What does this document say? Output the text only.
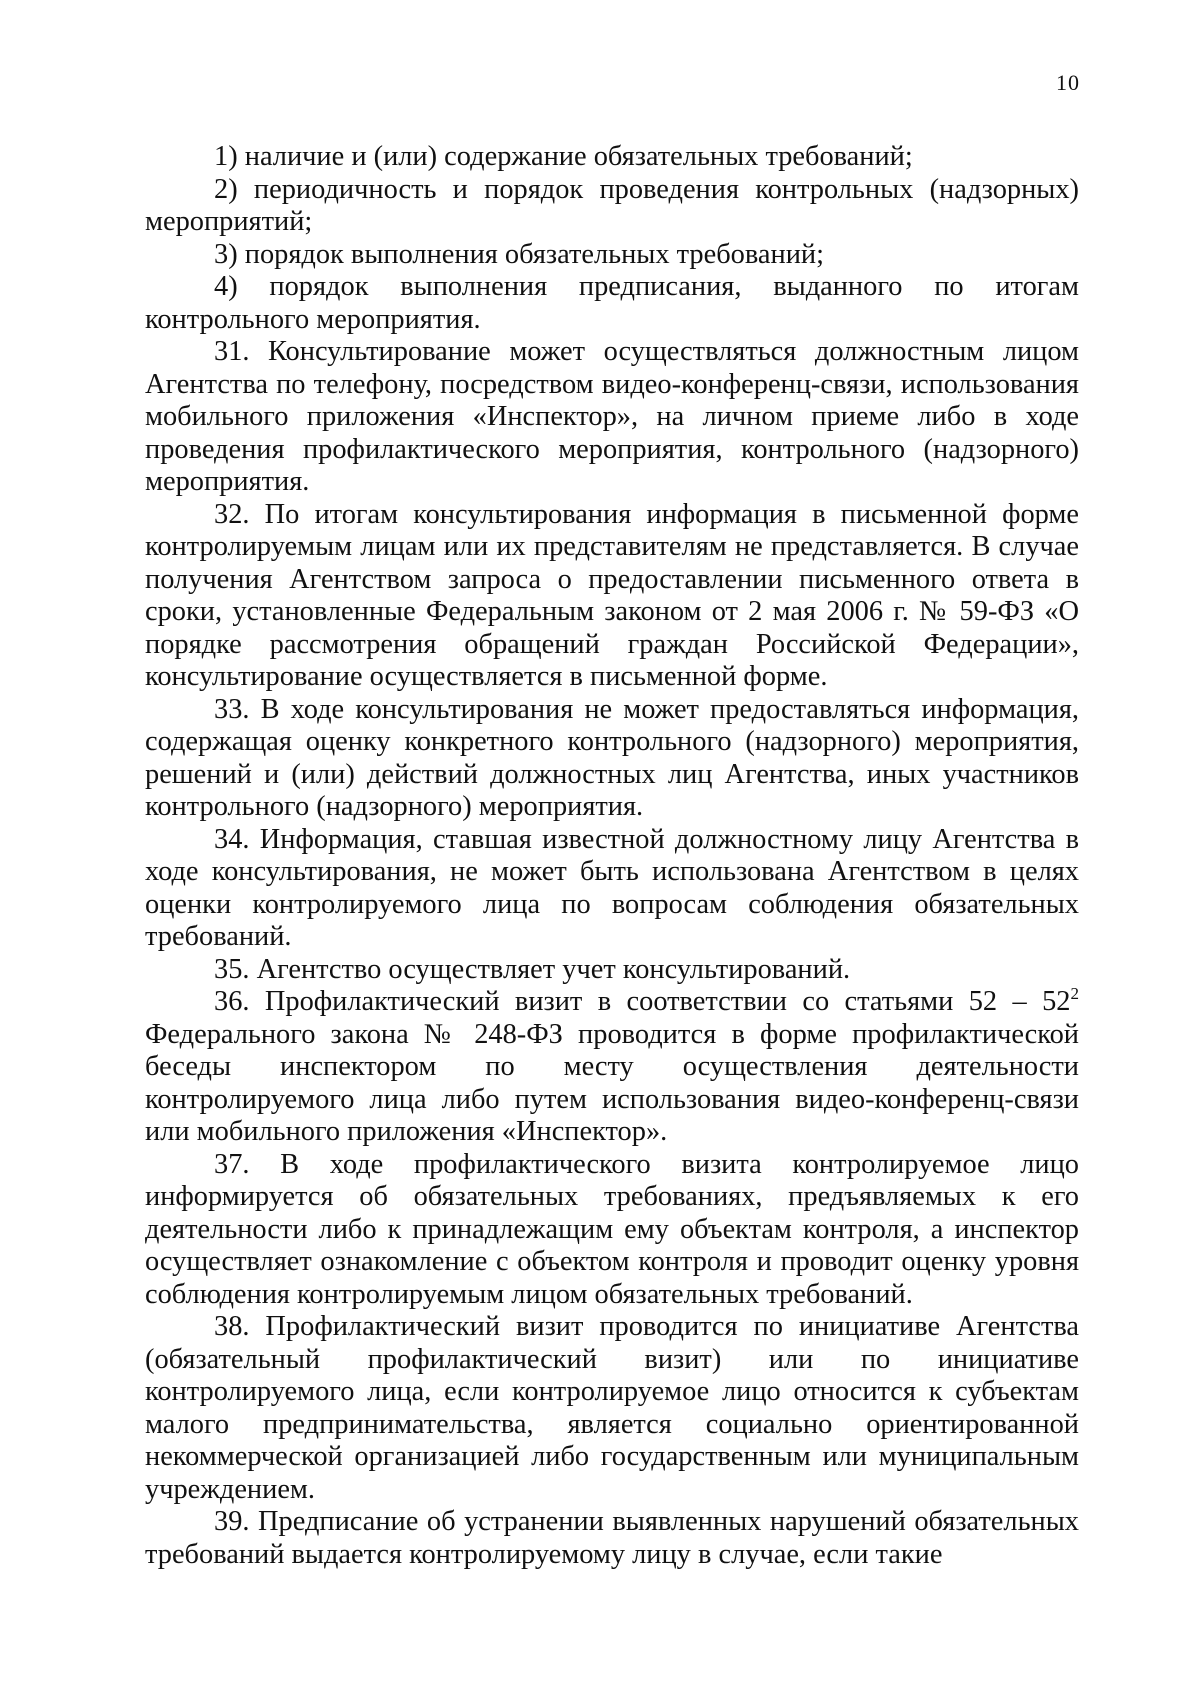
10

1) наличие и (или) содержание обязательных требований;

2) периодичность и порядок проведения контрольных (надзорных) мероприятий;

3) порядок выполнения обязательных требований;

4) порядок выполнения предписания, выданного по итогам контрольного мероприятия.

31. Консультирование может осуществляться должностным лицом Агентства по телефону, посредством видео-конференц-связи, использования мобильного приложения «Инспектор», на личном приеме либо в ходе проведения профилактического мероприятия, контрольного (надзорного) мероприятия.

32. По итогам консультирования информация в письменной форме контролируемым лицам или их представителям не представляется. В случае получения Агентством запроса о предоставлении письменного ответа в сроки, установленные Федеральным законом от 2 мая 2006 г. № 59-ФЗ «О порядке рассмотрения обращений граждан Российской Федерации», консультирование осуществляется в письменной форме.

33. В ходе консультирования не может предоставляться информация, содержащая оценку конкретного контрольного (надзорного) мероприятия, решений и (или) действий должностных лиц Агентства, иных участников контрольного (надзорного) мероприятия.

34. Информация, ставшая известной должностному лицу Агентства в ходе консультирования, не может быть использована Агентством в целях оценки контролируемого лица по вопросам соблюдения обязательных требований.

35. Агентство осуществляет учет консультирований.

36. Профилактический визит в соответствии со статьями $52 - 52^2$ Федерального закона № 248-ФЗ проводится в форме профилактической беседы инспектором по месту осуществления деятельности контролируемого лица либо путем использования видео-конференц-связи или мобильного приложения «Инспектор».

37. В ходе профилактического визита контролируемое лицо информируется об обязательных требованиях, предъявляемых к его деятельности либо к принадлежащим ему объектам контроля, а инспектор осуществляет ознакомление с объектом контроля и проводит оценку уровня соблюдения контролируемым лицом обязательных требований.

38. Профилактический визит проводится по инициативе Агентства (обязательный профилактический визит) или по инициативе контролируемого лица, если контролируемое лицо относится к субъектам малого предпринимательства, является социально ориентированной некоммерческой организацией либо государственным или муниципальным учреждением.

39. Предписание об устранении выявленных нарушений обязательных требований выдается контролируемому лицу в случае, если такие
